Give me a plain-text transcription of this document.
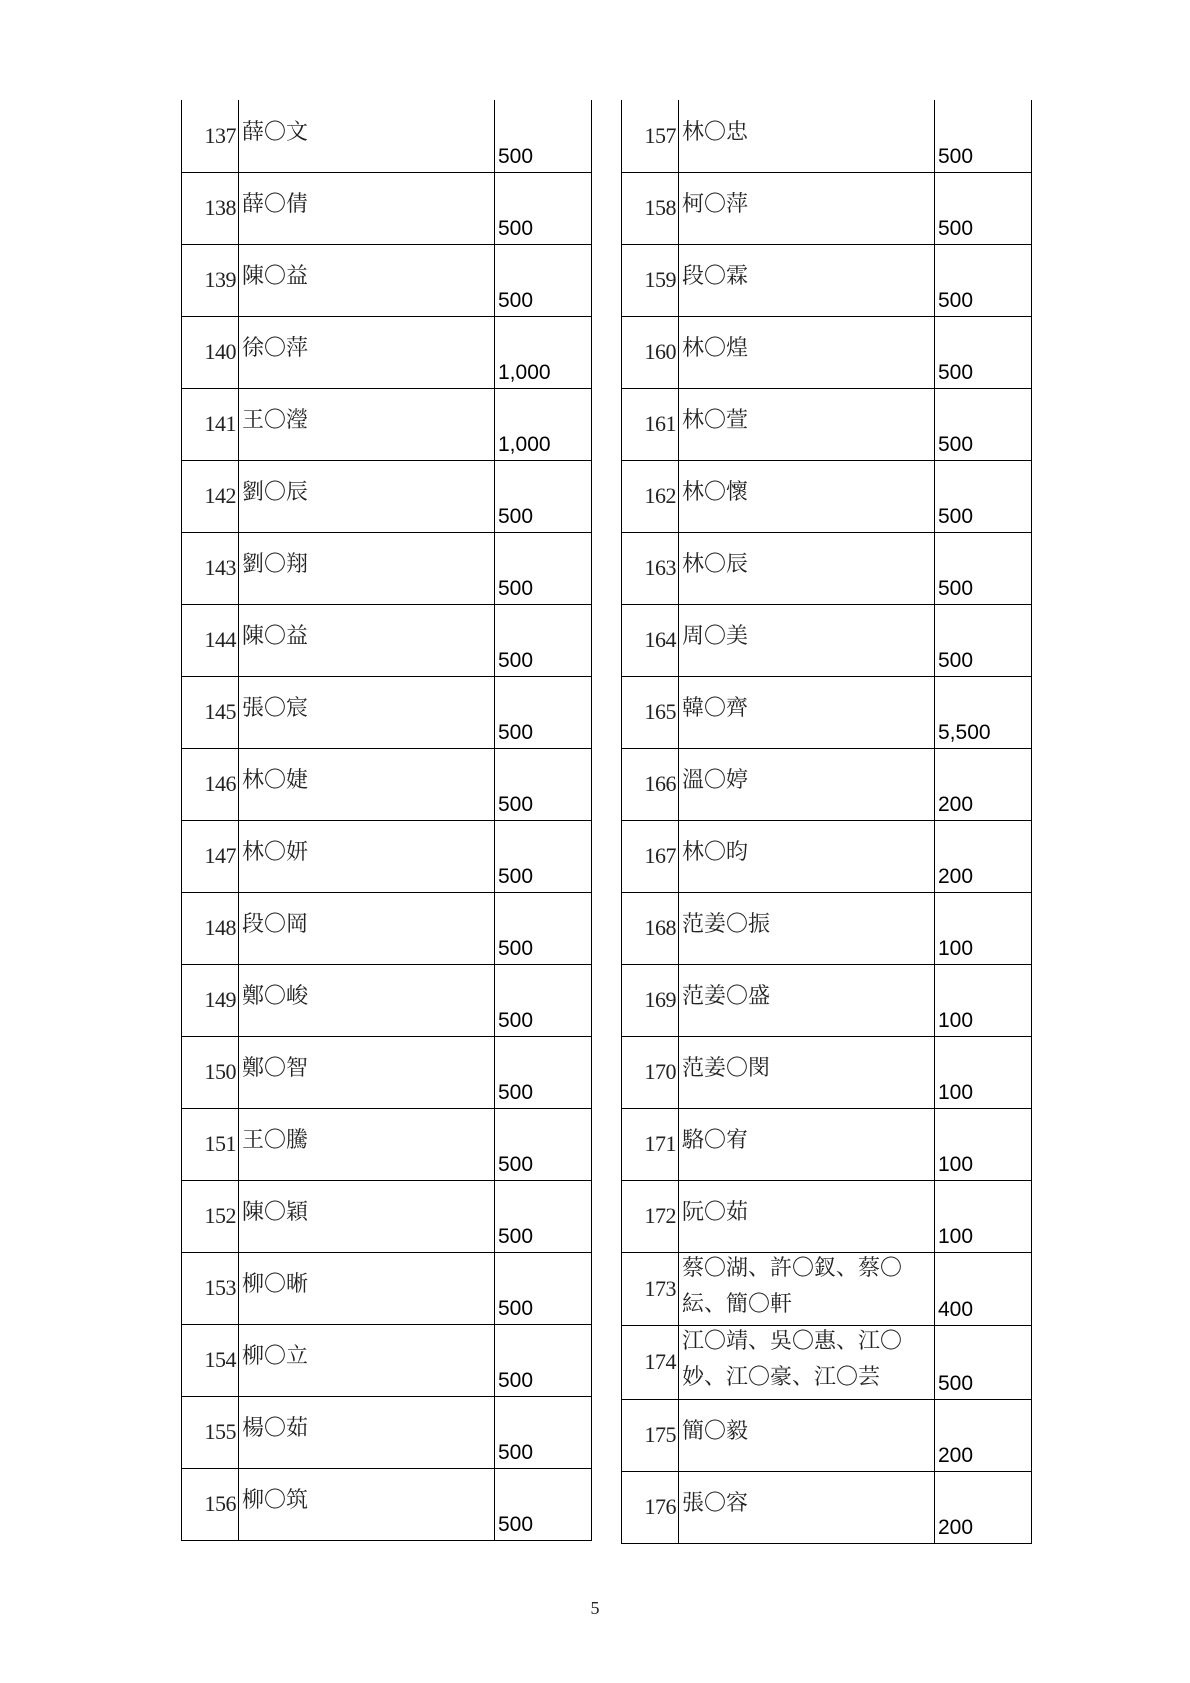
137	薛〇文	500
138	薛〇倩	500
139	陳〇益	500
140	徐〇萍	1,000
141	王〇瀅	1,000
142	劉〇辰	500
143	劉〇翔	500
144	陳〇益	500
145	張〇宸	500
146	林〇婕	500
147	林〇妍	500
148	段〇岡	500
149	鄭〇峻	500
150	鄭〇智	500
151	王〇騰	500
152	陳〇穎	500
153	柳〇晰	500
154	柳〇立	500
155	楊〇茹	500
156	柳〇筑	500
157	林〇忠	500
158	柯〇萍	500
159	段〇霖	500
160	林〇煌	500
161	林〇萱	500
162	林〇懷	500
163	林〇辰	500
164	周〇美	500
165	韓〇齊	5,500
166	溫〇婷	200
167	林〇昀	200
168	范姜〇振	100
169	范姜〇盛	100
170	范姜〇閔	100
171	駱〇宥	100
172	阮〇茹	100
173	蔡〇湖、許〇釵、蔡〇紜、簡〇軒	400
174	江〇靖、吳〇惠、江〇妙、江〇豪、江〇芸	500
175	簡〇毅	200
176	張〇容	200
5
